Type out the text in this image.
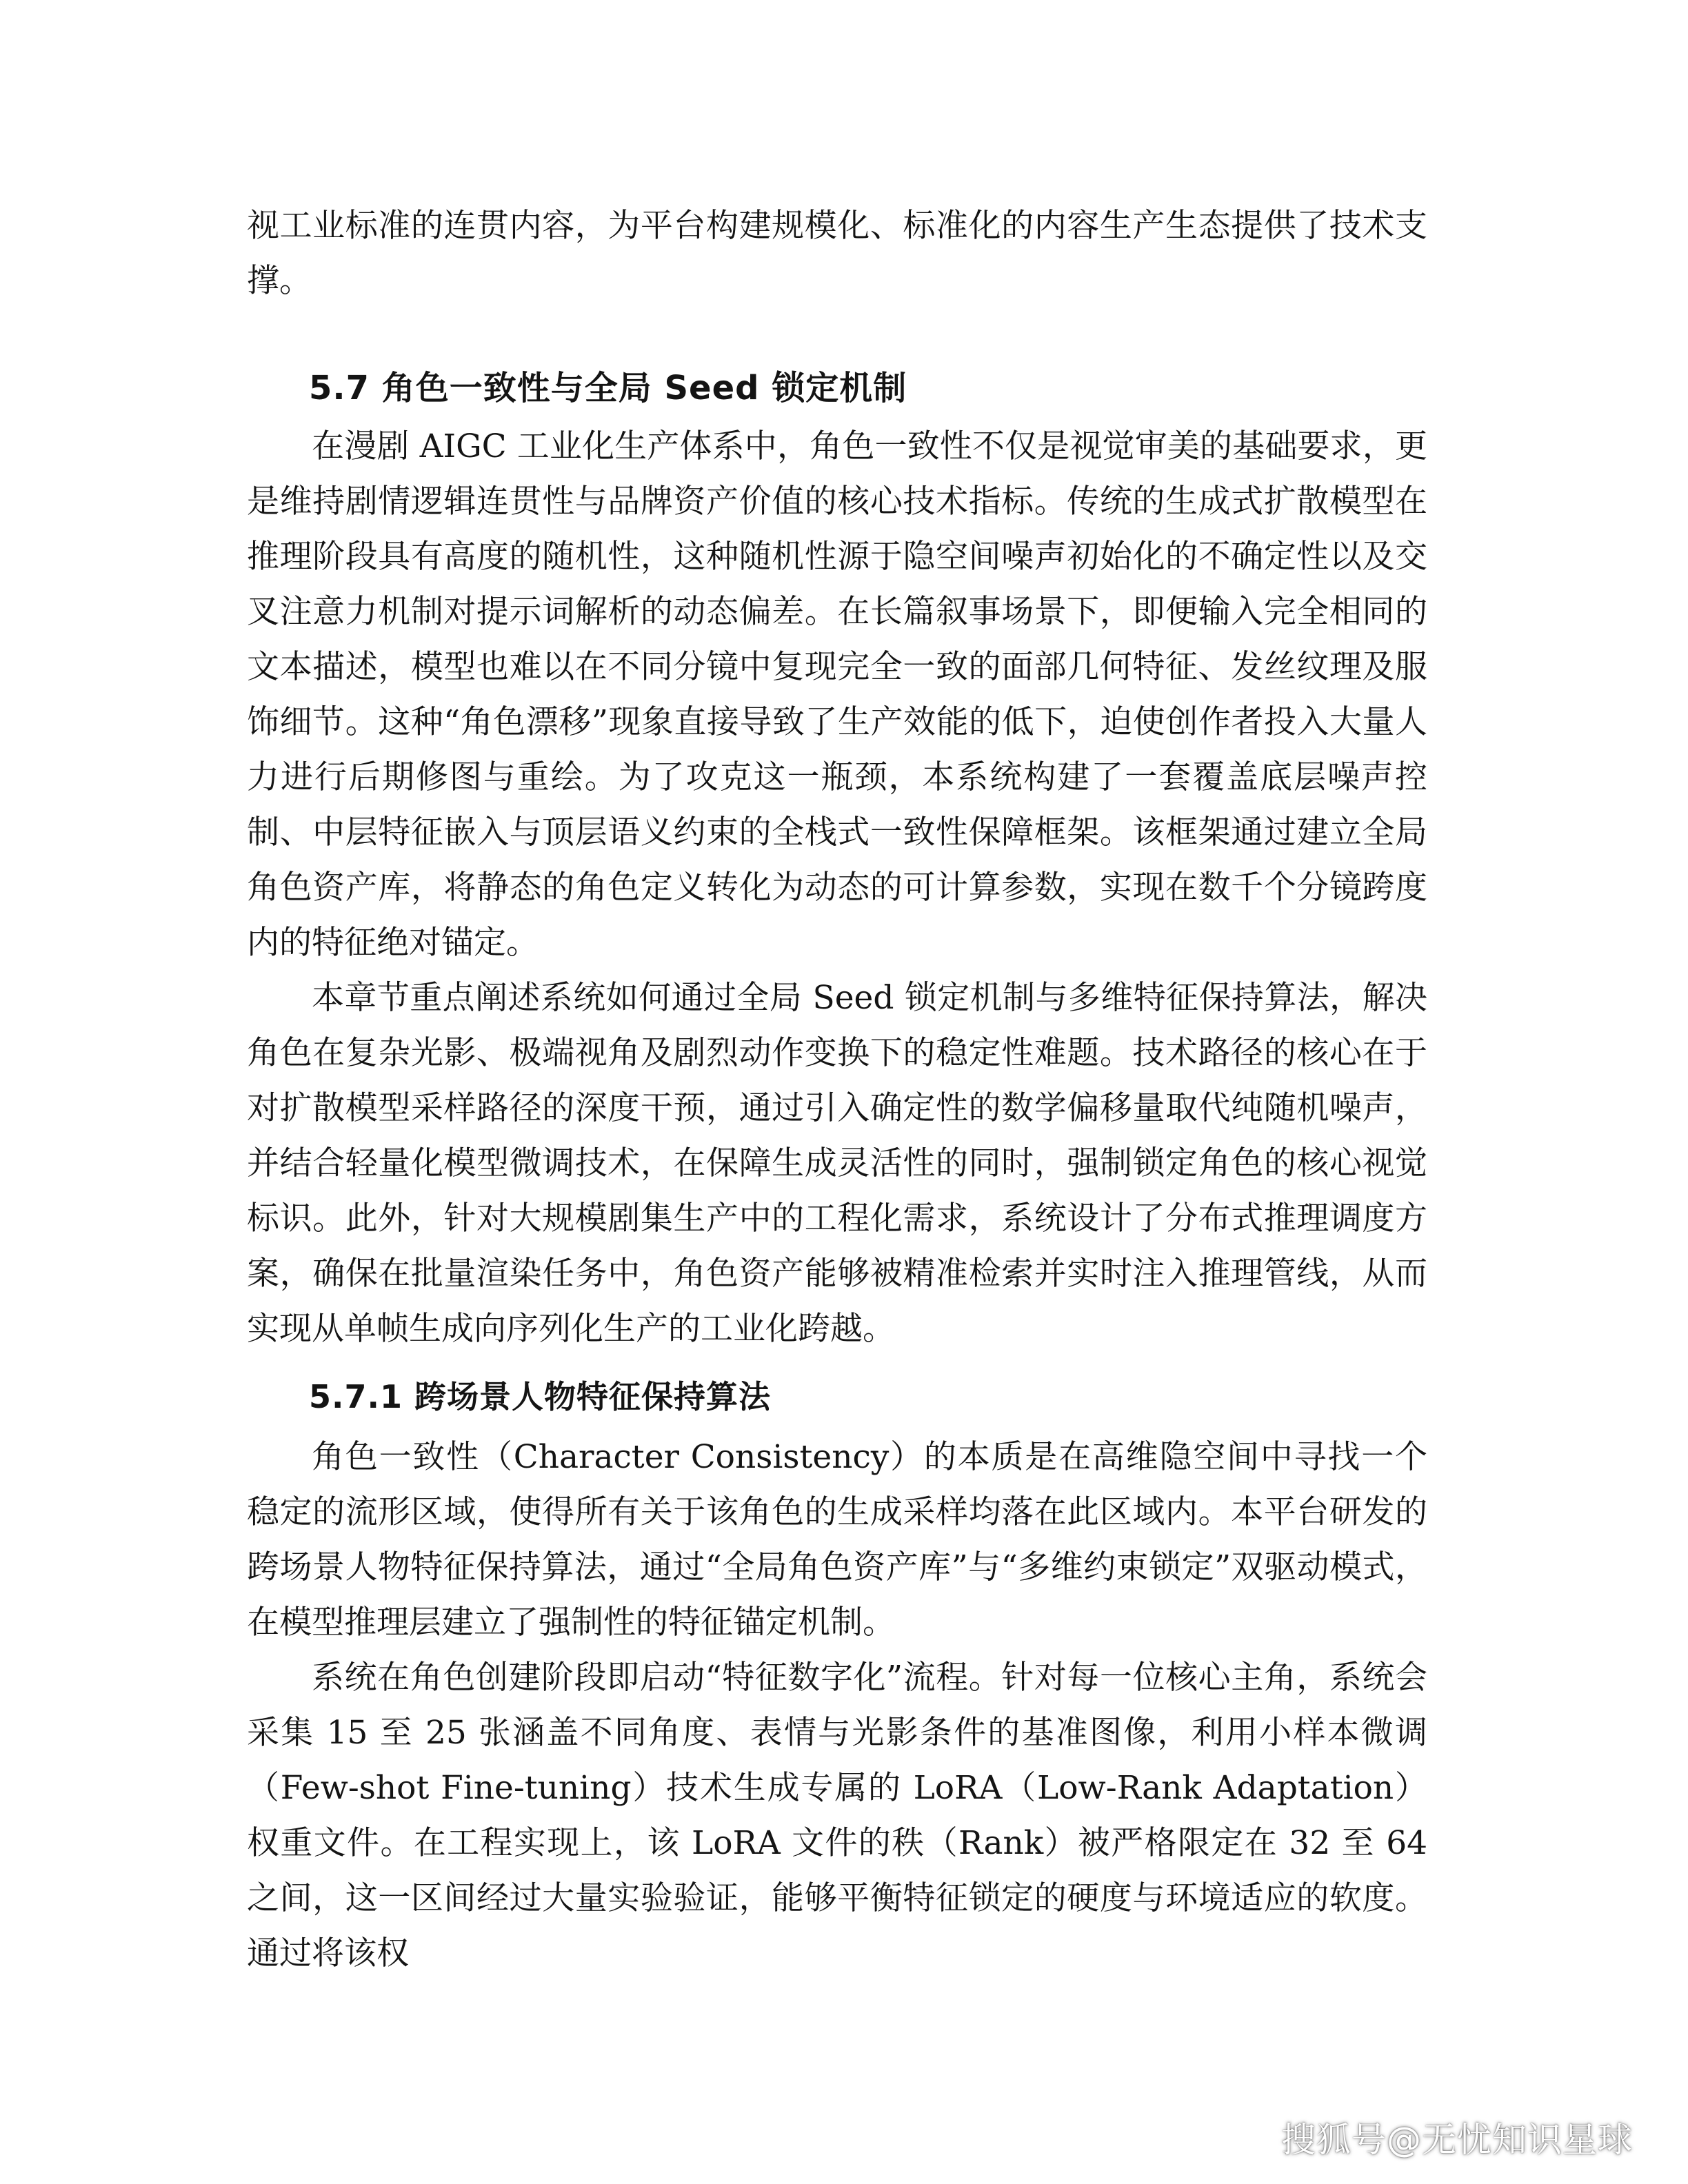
视工业标准的连贯内容，为平台构建规模化、标准化的内容生产生态提供了技术支撑。

5.7 角色一致性与全局 Seed 锁定机制

在漫剧 AIGC 工业化生产体系中，角色一致性不仅是视觉审美的基础要求，更是维持剧情逻辑连贯性与品牌资产价值的核心技术指标。传统的生成式扩散模型在推理阶段具有高度的随机性，这种随机性源于隐空间噪声初始化的不确定性以及交叉注意力机制对提示词解析的动态偏差。在长篇叙事场景下，即便输入完全相同的文本描述，模型也难以在不同分镜中复现完全一致的面部几何特征、发丝纹理及服饰细节。这种“角色漂移”现象直接导致了生产效能的低下，迫使创作者投入大量人力进行后期修图与重绘。为了攻克这一瓶颈，本系统构建了一套覆盖底层噪声控制、中层特征嵌入与顶层语义约束的全栈式一致性保障框架。该框架通过建立全局角色资产库，将静态的角色定义转化为动态的可计算参数，实现在数千个分镜跨度内的特征绝对锚定。

本章节重点阐述系统如何通过全局 Seed 锁定机制与多维特征保持算法，解决角色在复杂光影、极端视角及剧烈动作变换下的稳定性难题。技术路径的核心在于对扩散模型采样路径的深度干预，通过引入确定性的数学偏移量取代纯随机噪声，并结合轻量化模型微调技术，在保障生成灵活性的同时，强制锁定角色的核心视觉标识。此外，针对大规模剧集生产中的工程化需求，系统设计了分布式推理调度方案，确保在批量渲染任务中，角色资产能够被精准检索并实时注入推理管线，从而实现从单帧生成向序列化生产的工业化跨越。

5.7.1 跨场景人物特征保持算法

角色一致性（Character Consistency）的本质是在高维隐空间中寻找一个稳定的流形区域，使得所有关于该角色的生成采样均落在此区域内。本平台研发的跨场景人物特征保持算法，通过“全局角色资产库”与“多维约束锁定”双驱动模式，在模型推理层建立了强制性的特征锚定机制。

系统在角色创建阶段即启动“特征数字化”流程。针对每一位核心主角，系统会采集 15 至 25 张涵盖不同角度、表情与光影条件的基准图像，利用小样本微调（Few-shot Fine-tuning）技术生成专属的 LoRA（Low-Rank Adaptation）权重文件。在工程实现上，该 LoRA 文件的秩（Rank）被严格限定在 32 至 64 之间，这一区间经过大量实验验证，能够平衡特征锁定的硬度与环境适应的软度。通过将该权

搜狐号@无忧知识星球
